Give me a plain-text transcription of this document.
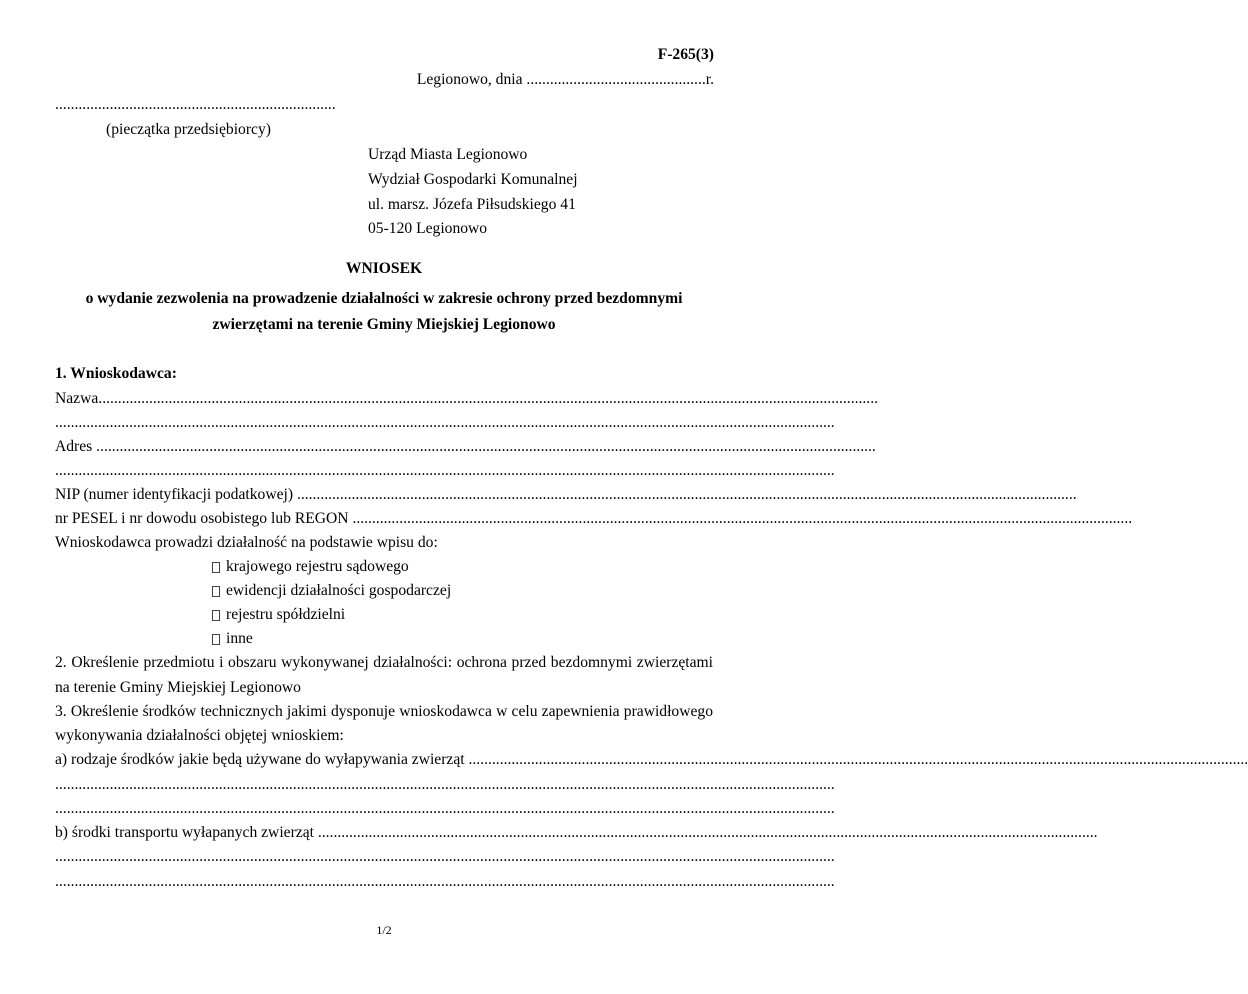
F-265(3)
Legionowo, dnia ..............................................r.
........................................................................
(pieczątka przedsiębiorcy)
Urząd Miasta Legionowo
Wydział Gospodarki Komunalnej
ul. marsz. Józefa Piłsudskiego 41
05-120 Legionowo
WNIOSEK
o wydanie zezwolenia na prowadzenie działalności w zakresie ochrony przed bezdomnymi
zwierzętami na terenie Gminy Miejskiej Legionowo
1. Wnioskodawca:
Nazwa ........................................................................................................................................................................................................
........................................................................................................................................................................................................
Adres ........................................................................................................................................................................................................
........................................................................................................................................................................................................
NIP (numer identyfikacji podatkowej) ........................................................................................................................................................................................................
nr PESEL i nr dowodu osobistego lub REGON ........................................................................................................................................................................................................
Wnioskodawca prowadzi działalność na podstawie wpisu do:
krajowego rejestru sądowego
ewidencji działalności gospodarczej
rejestru spółdzielni
inne
2. Określenie przedmiotu i obszaru wykonywanej działalności: ochrona przed bezdomnymi zwierzętami
na terenie Gminy Miejskiej Legionowo
3. Określenie środków technicznych jakimi dysponuje wnioskodawca w celu zapewnienia prawidłowego
wykonywania działalności objętej wnioskiem:
a) rodzaje środków jakie będą używane do wyłapywania zwierząt ........................................................................................................................................................................................................
........................................................................................................................................................................................................
........................................................................................................................................................................................................
b) środki transportu wyłapanych zwierząt ........................................................................................................................................................................................................
........................................................................................................................................................................................................
........................................................................................................................................................................................................
1/2
